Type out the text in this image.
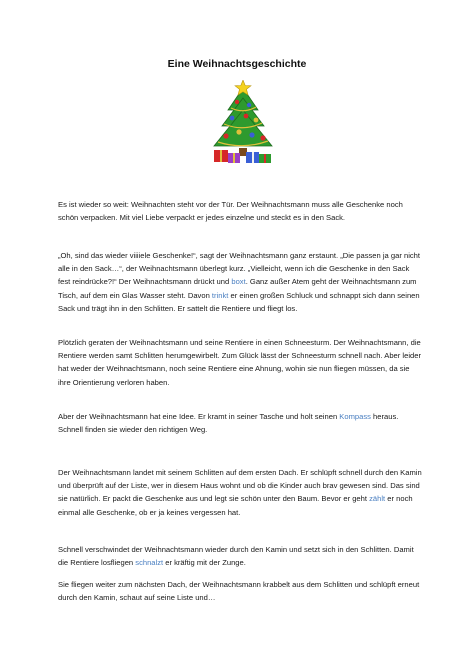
Eine Weihnachtsgeschichte

Es ist wieder so weit: Weihnachten steht vor der Tür. Der Weihnachtsmann muss alle Geschenke noch schön verpacken. Mit viel Liebe verpackt er jedes einzelne und steckt es in den Sack.

„Oh, sind das wieder viiiiele Geschenke!“, sagt der Weihnachtsmann ganz erstaunt. „Die passen ja gar nicht alle in den Sack…“, der Weihnachtsmann überlegt kurz. „Vielleicht, wenn ich die Geschenke in den Sack fest reindrücke?!“ Der Weihnachtsmann drückt und boxt. Ganz außer Atem geht der Weihnachtsmann zum Tisch, auf dem ein Glas Wasser steht. Davon trinkt er einen großen Schluck und schnappt sich dann seinen Sack und trägt ihn in den Schlitten. Er sattelt die Rentiere und fliegt los.

Plötzlich geraten der Weihnachtsmann und seine Rentiere in einen Schneesturm. Der Weihnachtsmann, die Rentiere werden samt Schlitten herumgewirbelt. Zum Glück lässt der Schneesturm schnell nach. Aber leider hat weder der Weihnachtsmann, noch seine Rentiere eine Ahnung, wohin sie nun fliegen müssen, da sie ihre Orientierung verloren haben.

Aber der Weihnachtsmann hat eine Idee. Er kramt in seiner Tasche und holt seinen Kompass heraus. Schnell finden sie wieder den richtigen Weg.

Der Weihnachtsmann landet mit seinem Schlitten auf dem ersten Dach. Er schlüpft schnell durch den Kamin und überprüft auf der Liste, wer in diesem Haus wohnt und ob die Kinder auch brav gewesen sind. Das sind sie natürlich. Er packt die Geschenke aus und legt sie schön unter den Baum. Bevor er geht zählt er noch einmal alle Geschenke, ob er ja keines vergessen hat.

Schnell verschwindet der Weihnachtsmann wieder durch den Kamin und setzt sich in den Schlitten. Damit die Rentiere losfliegen schnalzt er kräftig mit der Zunge.

Sie fliegen weiter zum nächsten Dach, der Weihnachtsmann krabbelt aus dem Schlitten und schlüpft erneut durch den Kamin, schaut auf seine Liste und…
